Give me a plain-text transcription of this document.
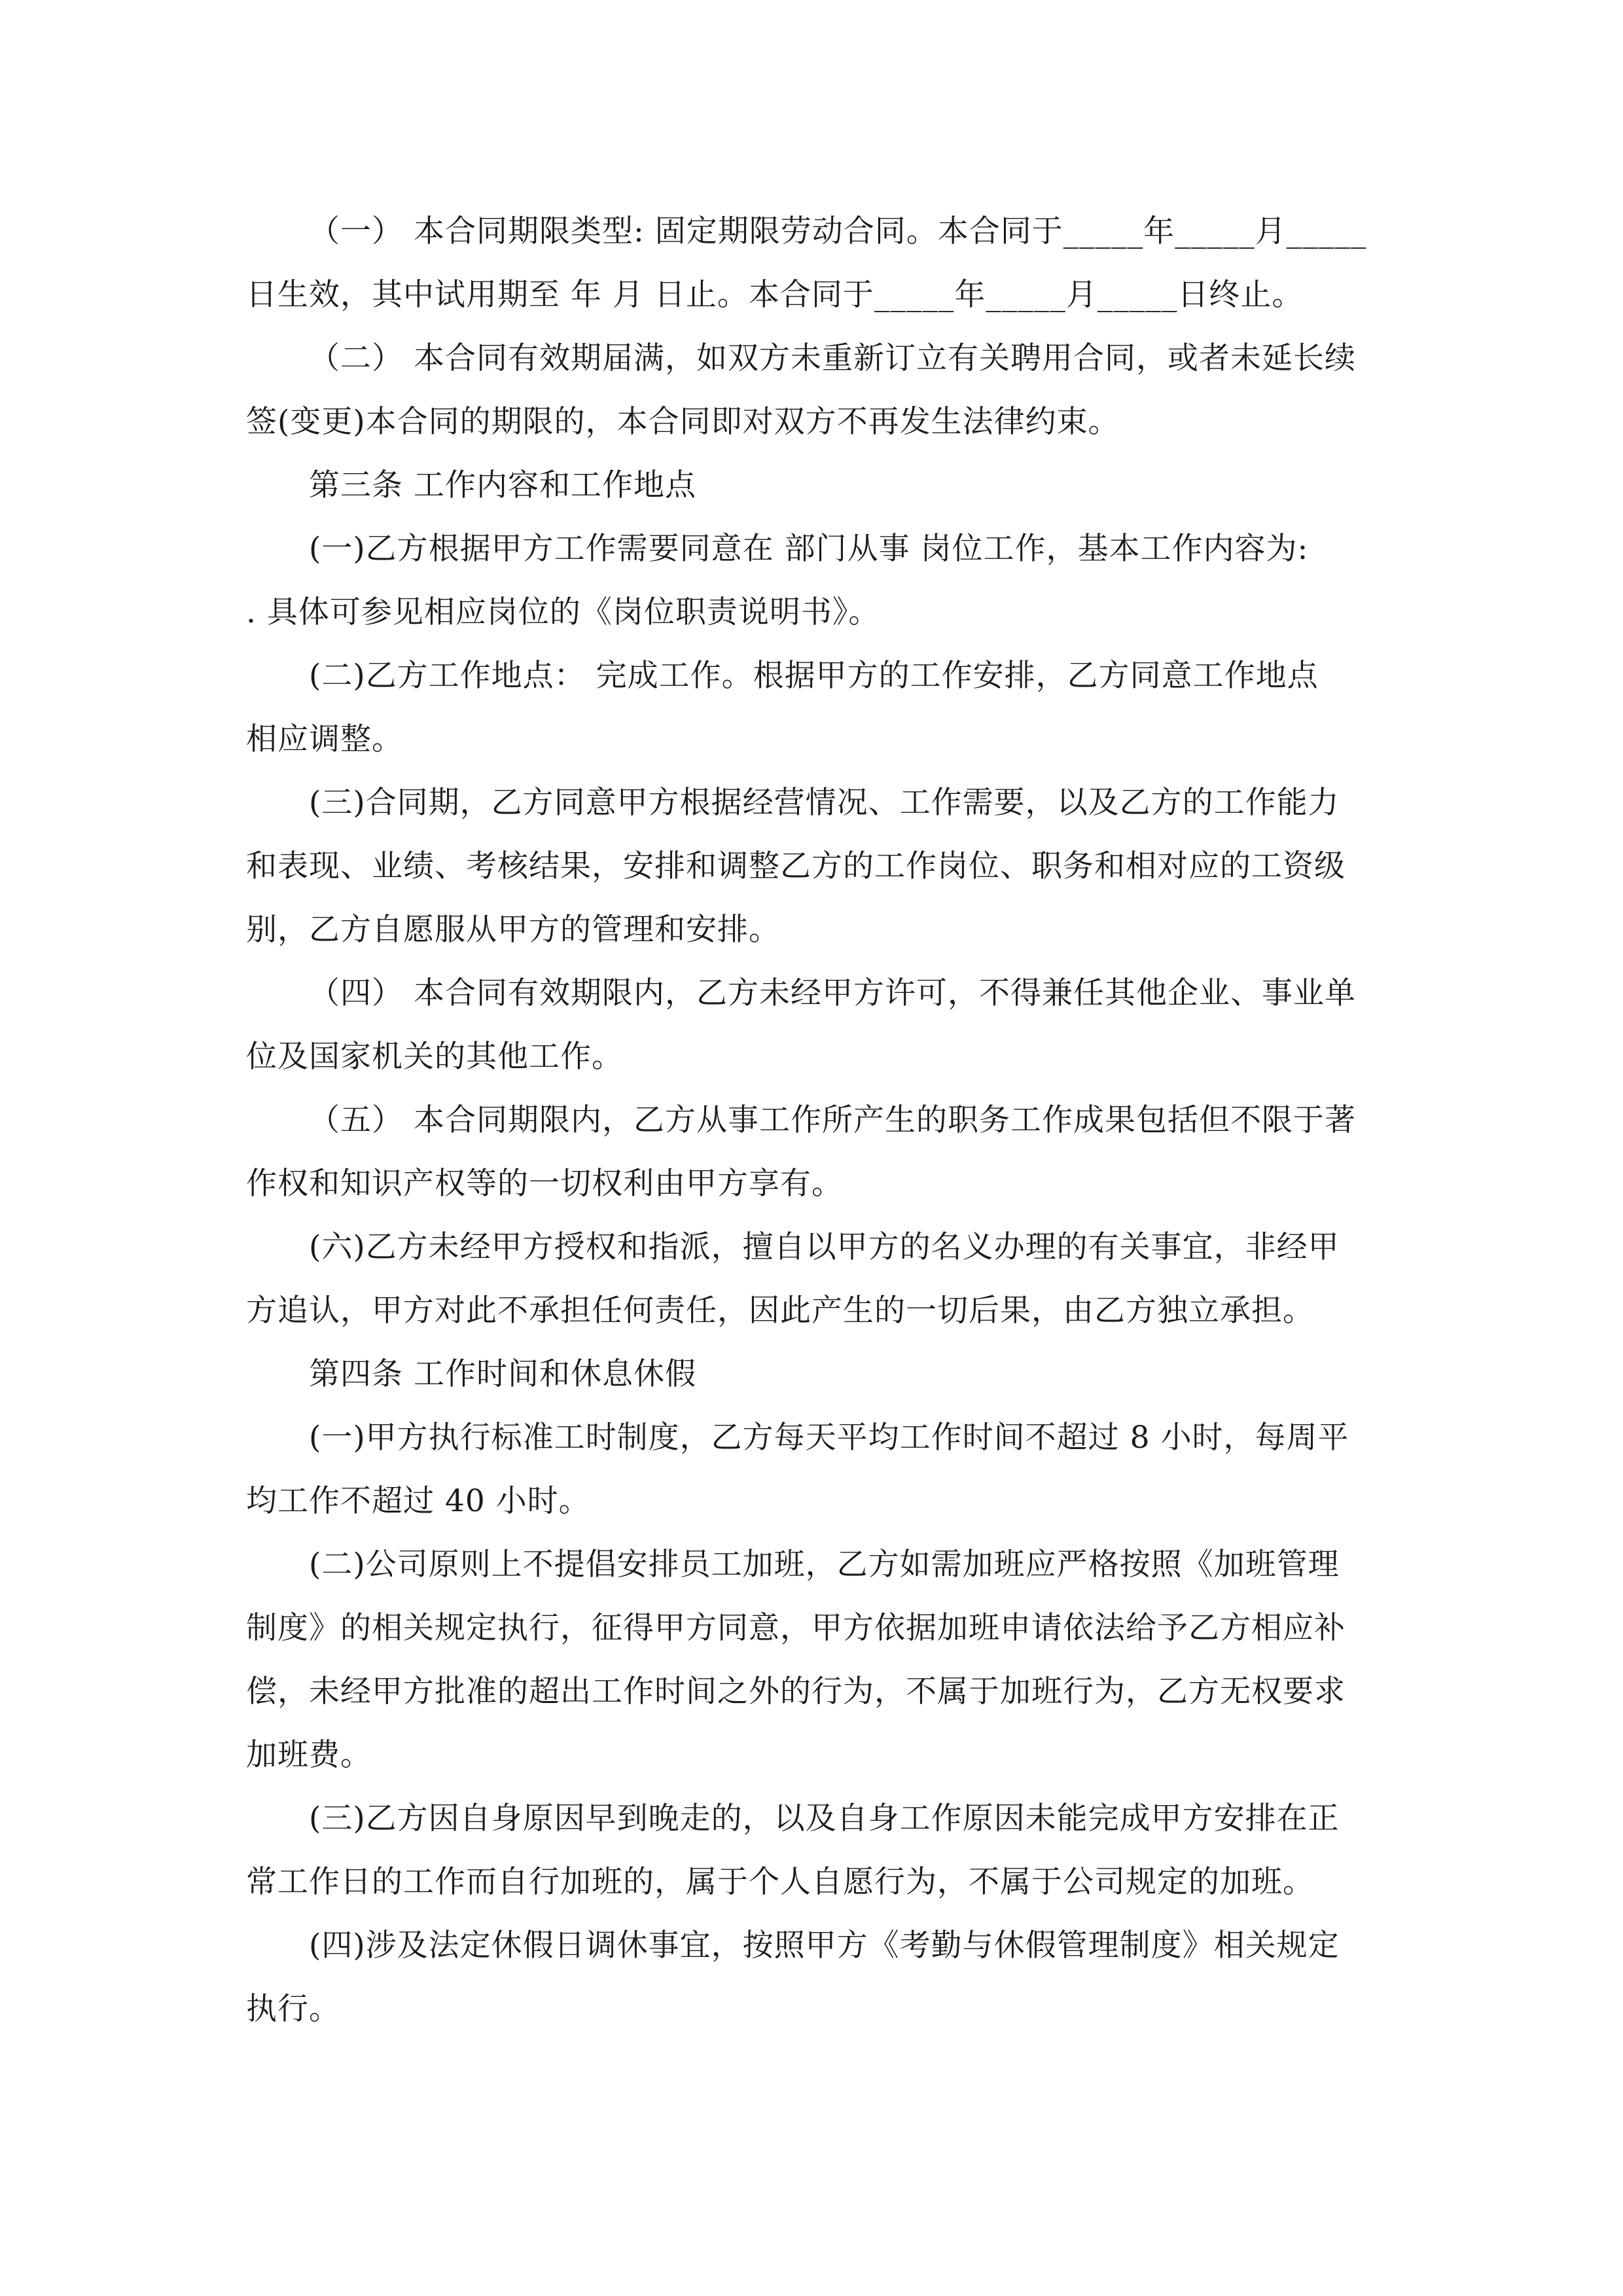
（一） 本合同期限类型: 固定期限劳动合同。本合同于_____年_____月_____
日生效，其中试用期至 年 月 日止。本合同于_____年_____月_____日终止。
（二） 本合同有效期届满，如双方未重新订立有关聘用合同，或者未延长续
签(变更)本合同的期限的，本合同即对双方不再发生法律约束。
第三条 工作内容和工作地点
(一)乙方根据甲方工作需要同意在 部门从事 岗位工作，基本工作内容为:
. 具体可参见相应岗位的《岗位职责说明书》。
(二)乙方工作地点： 完成工作。根据甲方的工作安排，乙方同意工作地点
相应调整。
(三)合同期，乙方同意甲方根据经营情况、工作需要，以及乙方的工作能力
和表现、业绩、考核结果，安排和调整乙方的工作岗位、职务和相对应的工资级
别，乙方自愿服从甲方的管理和安排。
（四） 本合同有效期限内，乙方未经甲方许可，不得兼任其他企业、事业单
位及国家机关的其他工作。
（五） 本合同期限内，乙方从事工作所产生的职务工作成果包括但不限于著
作权和知识产权等的一切权利由甲方享有。
(六)乙方未经甲方授权和指派，擅自以甲方的名义办理的有关事宜，非经甲
方追认，甲方对此不承担任何责任，因此产生的一切后果，由乙方独立承担。
第四条 工作时间和休息休假
(一)甲方执行标准工时制度，乙方每天平均工作时间不超过 8 小时，每周平
均工作不超过 40 小时。
(二)公司原则上不提倡安排员工加班，乙方如需加班应严格按照《加班管理
制度》的相关规定执行，征得甲方同意，甲方依据加班申请依法给予乙方相应补
偿，未经甲方批准的超出工作时间之外的行为，不属于加班行为，乙方无权要求
加班费。
(三)乙方因自身原因早到晚走的，以及自身工作原因未能完成甲方安排在正
常工作日的工作而自行加班的，属于个人自愿行为，不属于公司规定的加班。
(四)涉及法定休假日调休事宜，按照甲方《考勤与休假管理制度》相关规定
执行。
